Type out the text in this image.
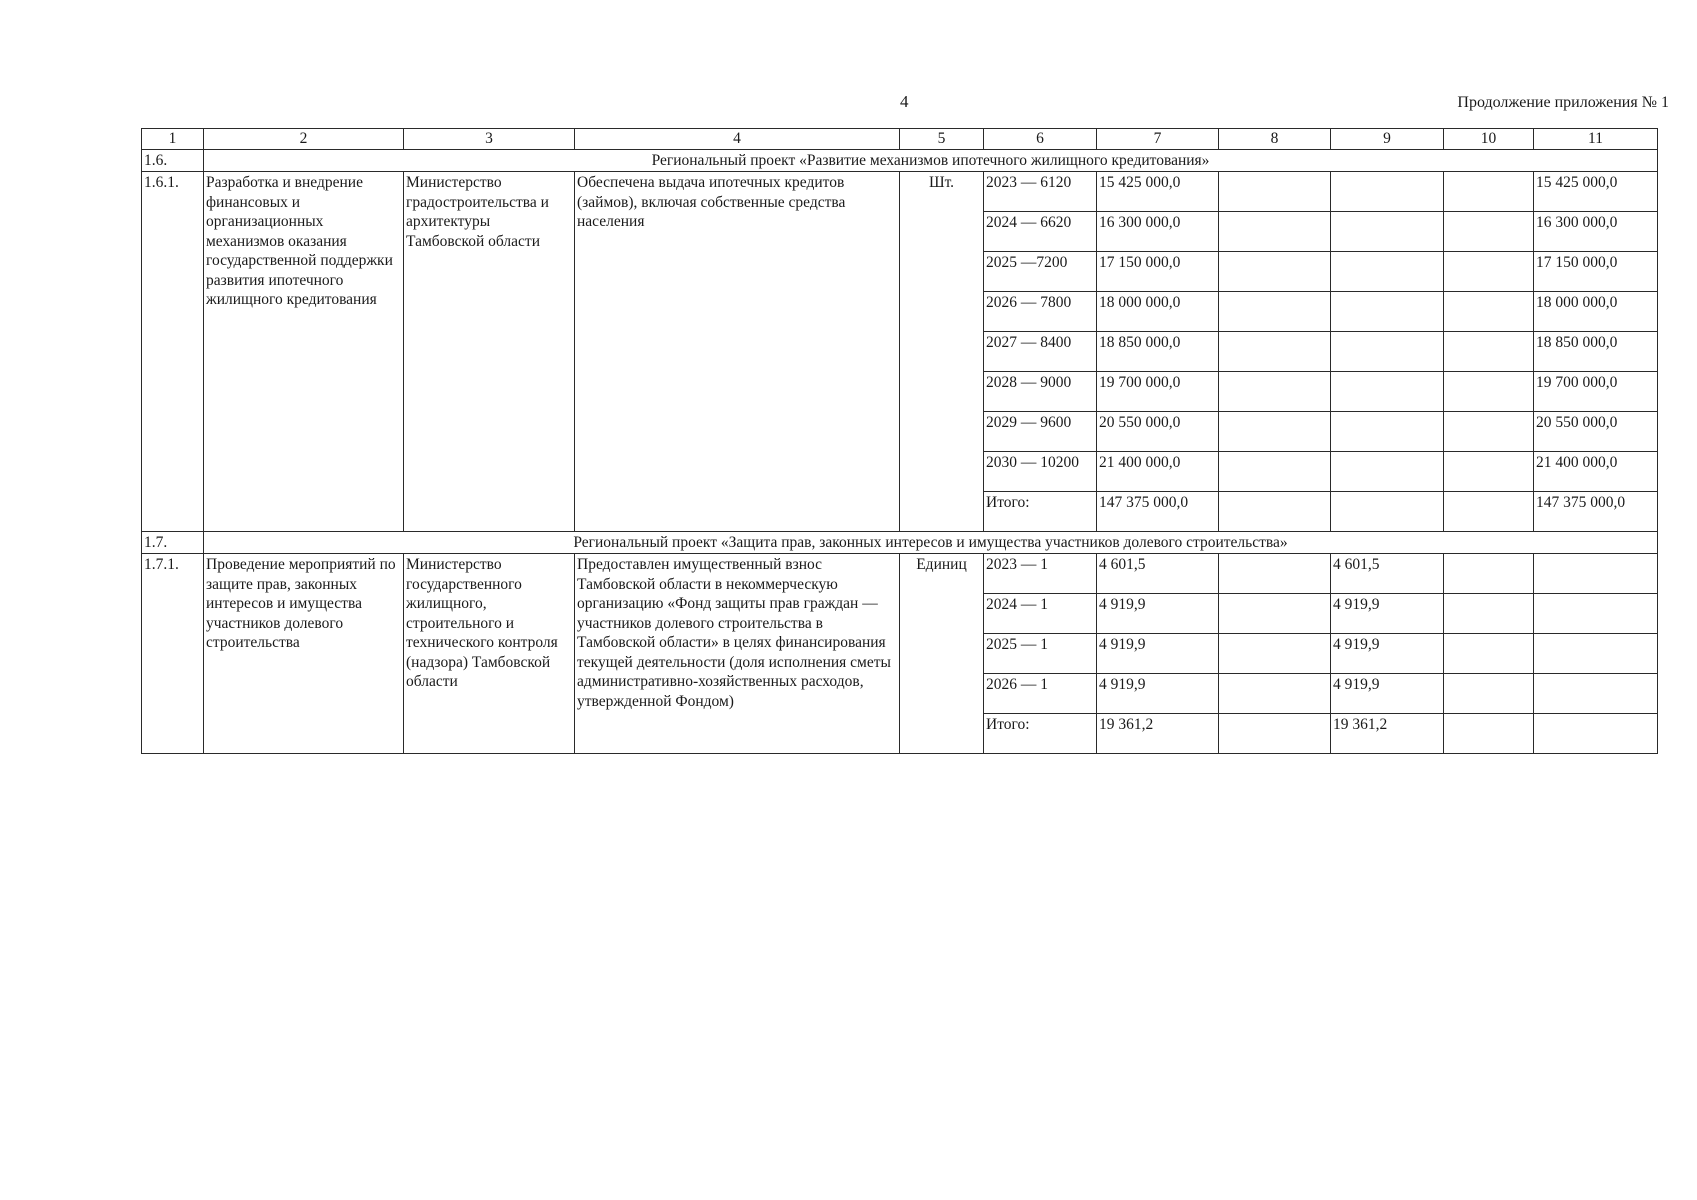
4	Продолжение приложения № 1
1	2	3	4	5	6	7	8	9	10	11
1.6.	Региональный проект «Развитие механизмов ипотечного жилищного кредитования»									
1.6.1.	Разработка и внедрение финансовых и организационных механизмов оказания государственной поддержки развития ипотечного жилищного кредитования	Министерство градостроительства и архитектуры Тамбовской области	Обеспечена выдача ипотечных кредитов (займов), включая собственные средства населения	Шт.	2023 — 6120	15 425 000,0				15 425 000,0
					2024 — 6620	16 300 000,0				16 300 000,0
					2025 —7200	17 150 000,0				17 150 000,0
					2026 — 7800	18 000 000,0				18 000 000,0
					2027 — 8400	18 850 000,0				18 850 000,0
					2028 — 9000	19 700 000,0				19 700 000,0
					2029 — 9600	20 550 000,0				20 550 000,0
					2030 — 10200	21 400 000,0				21 400 000,0
					Итого:	147 375 000,0				147 375 000,0
1.7.	Региональный проект «Защита прав, законных интересов и имущества участников долевого строительства»									
1.7.1.	Проведение мероприятий по защите прав, законных интересов и имущества участников долевого строительства	Министерство государственного жилищного, строительного и технического контроля (надзора) Тамбовской области	Предоставлен имущественный взнос Тамбовской области в некоммерческую организацию «Фонд защиты прав граждан — участников долевого строительства в Тамбовской области» в целях финансирования текущей деятельности (доля исполнения сметы административно-хозяйственных расходов, утвержденной Фондом)	Единиц	2023 — 1	4 601,5		4 601,5		
					2024 — 1	4 919,9		4 919,9		
					2025 — 1	4 919,9		4 919,9		
					2026 — 1	4 919,9		4 919,9		
					Итого:	19 361,2		19 361,2		
